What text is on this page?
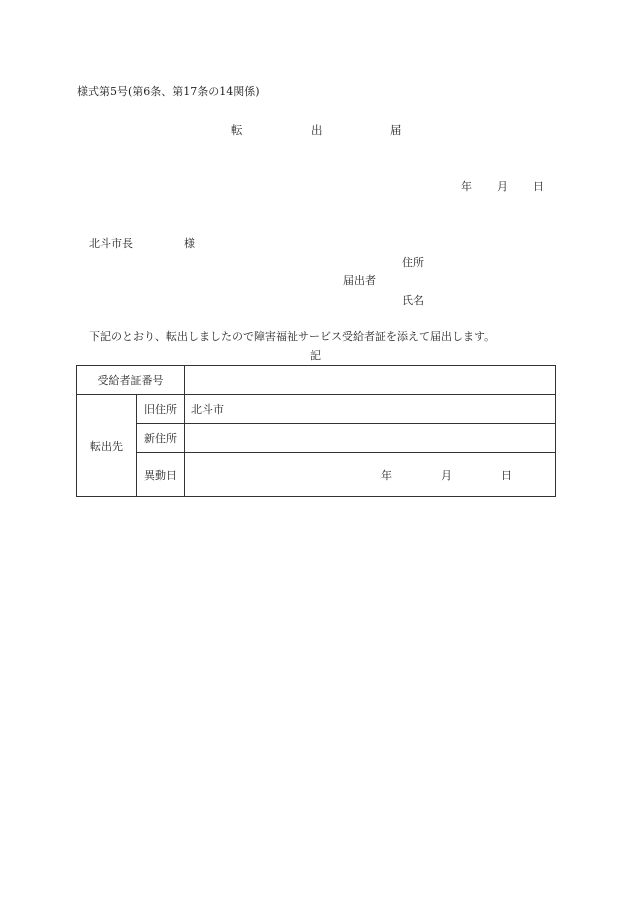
様式第5号(第6条、第17条の14関係)
転	出	届
年 月 日
北斗市長	様
住所
届出者
氏名
下記のとおり、転出しましたので障害福祉サービス受給者証を添えて届出します。
記
受給者証番号		
転出先	旧住所	北斗市
	新住所	
	異動日	年 月 日
